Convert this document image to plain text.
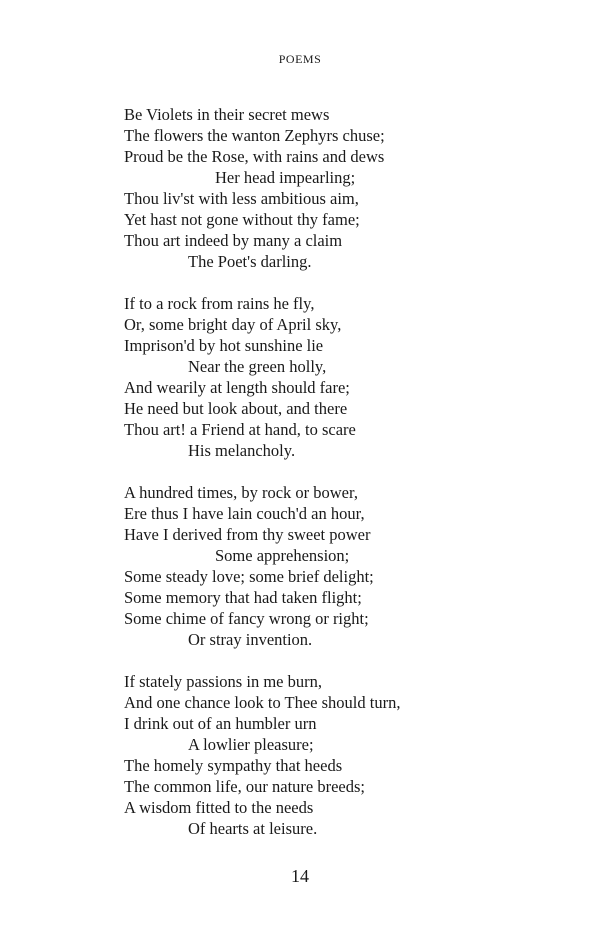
POEMS
Be Violets in their secret mews
The flowers the wanton Zephyrs chuse;
Proud be the Rose, with rains and dews
Her head impearling;
Thou liv'st with less ambitious aim,
Yet hast not gone without thy fame;
Thou art indeed by many a claim
The Poet's darling.
If to a rock from rains he fly,
Or, some bright day of April sky,
Imprison'd by hot sunshine lie
Near the green holly,
And wearily at length should fare;
He need but look about, and there
Thou art! a Friend at hand, to scare
His melancholy.
A hundred times, by rock or bower,
Ere thus I have lain couch'd an hour,
Have I derived from thy sweet power
Some apprehension;
Some steady love; some brief delight;
Some memory that had taken flight;
Some chime of fancy wrong or right;
Or stray invention.
If stately passions in me burn,
And one chance look to Thee should turn,
I drink out of an humbler urn
A lowlier pleasure;
The homely sympathy that heeds
The common life, our nature breeds;
A wisdom fitted to the needs
Of hearts at leisure.
14
